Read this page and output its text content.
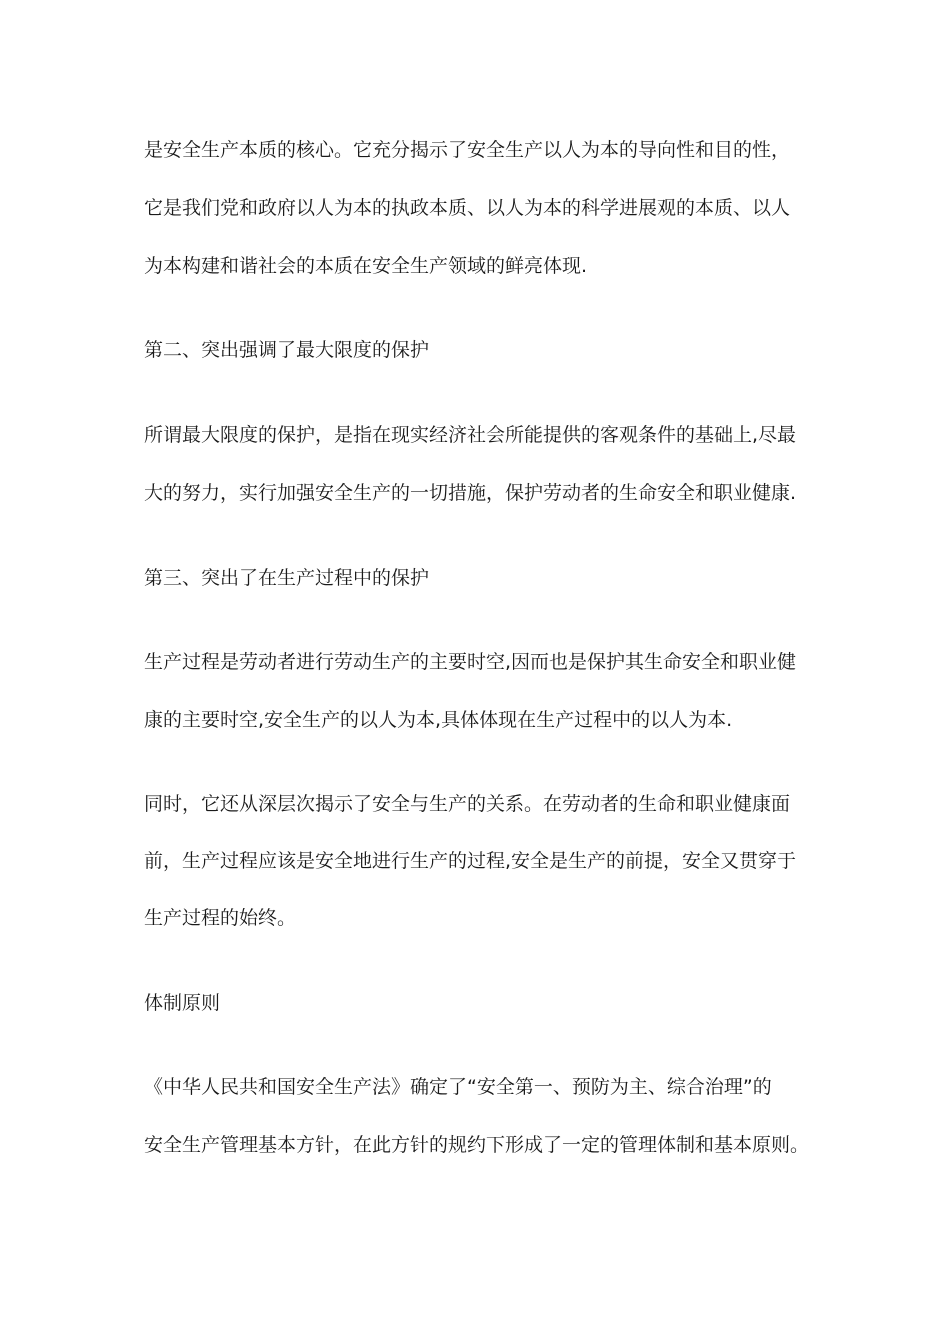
是安全生产本质的核心。它充分揭示了安全生产以人为本的导向性和目的性，
它是我们党和政府以人为本的执政本质、以人为本的科学进展观的本质、以人
为本构建和谐社会的本质在安全生产领域的鲜亮体现.
第二、突出强调了最大限度的保护
所谓最大限度的保护，是指在现实经济社会所能提供的客观条件的基础上,尽最
大的努力，实行加强安全生产的一切措施，保护劳动者的生命安全和职业健康.
第三、突出了在生产过程中的保护
生产过程是劳动者进行劳动生产的主要时空,因而也是保护其生命安全和职业健
康的主要时空,安全生产的以人为本,具体体现在生产过程中的以人为本.
同时，它还从深层次揭示了安全与生产的关系。在劳动者的生命和职业健康面
前，生产过程应该是安全地进行生产的过程,安全是生产的前提，安全又贯穿于
生产过程的始终。
体制原则
《中华人民共和国安全生产法》确定了“安全第一、预防为主、综合治理”的
安全生产管理基本方针，在此方针的规约下形成了一定的管理体制和基本原则。
